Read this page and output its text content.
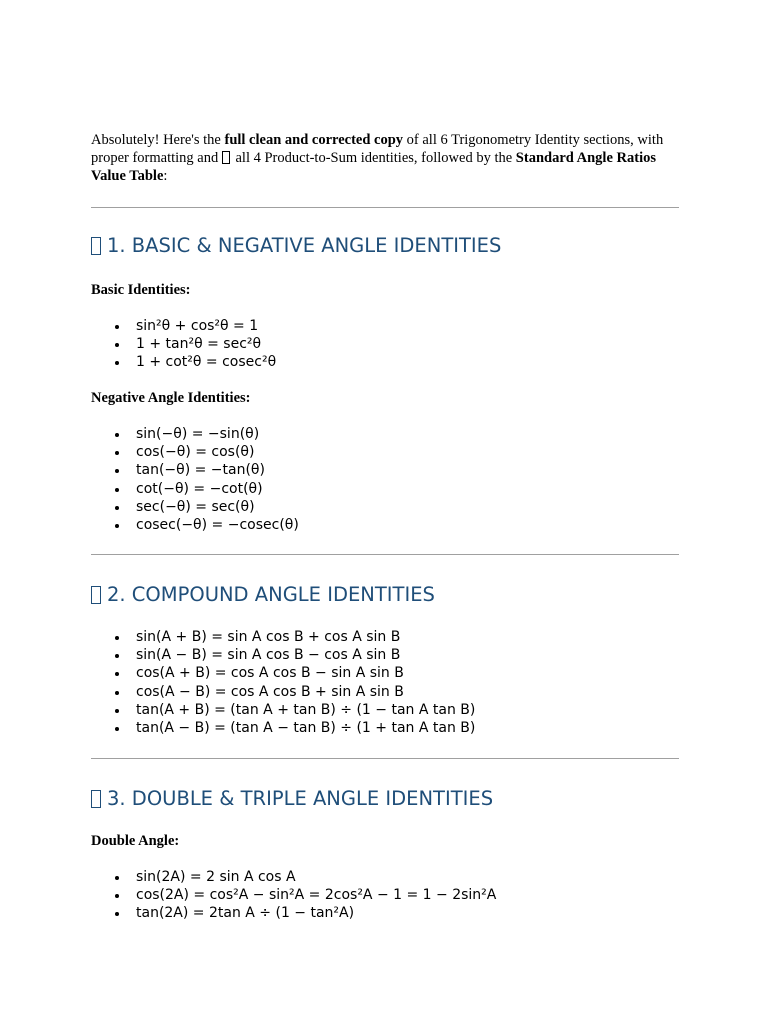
Absolutely! Here's the full clean and corrected copy of all 6 Trigonometry Identity sections, with proper formatting and  all 4 Product-to-Sum identities, followed by the Standard Angle Ratios Value Table:

1. BASIC & NEGATIVE ANGLE IDENTITIES

Basic Identities:

sin²θ + cos²θ = 1
1 + tan²θ = sec²θ
1 + cot²θ = cosec²θ

Negative Angle Identities:

sin(−θ) = −sin(θ)
cos(−θ) = cos(θ)
tan(−θ) = −tan(θ)
cot(−θ) = −cot(θ)
sec(−θ) = sec(θ)
cosec(−θ) = −cosec(θ)
2. COMPOUND ANGLE IDENTITIES
sin(A + B) = sin A cos B + cos A sin B
sin(A − B) = sin A cos B − cos A sin B
cos(A + B) = cos A cos B − sin A sin B
cos(A − B) = cos A cos B + sin A sin B
tan(A + B) = (tan A + tan B) ÷ (1 − tan A tan B)
tan(A − B) = (tan A − tan B) ÷ (1 + tan A tan B)
3. DOUBLE & TRIPLE ANGLE IDENTITIES

Double Angle:

sin(2A) = 2 sin A cos A
cos(2A) = cos²A − sin²A = 2cos²A − 1 = 1 − 2sin²A
tan(2A) = 2tan A ÷ (1 − tan²A)
